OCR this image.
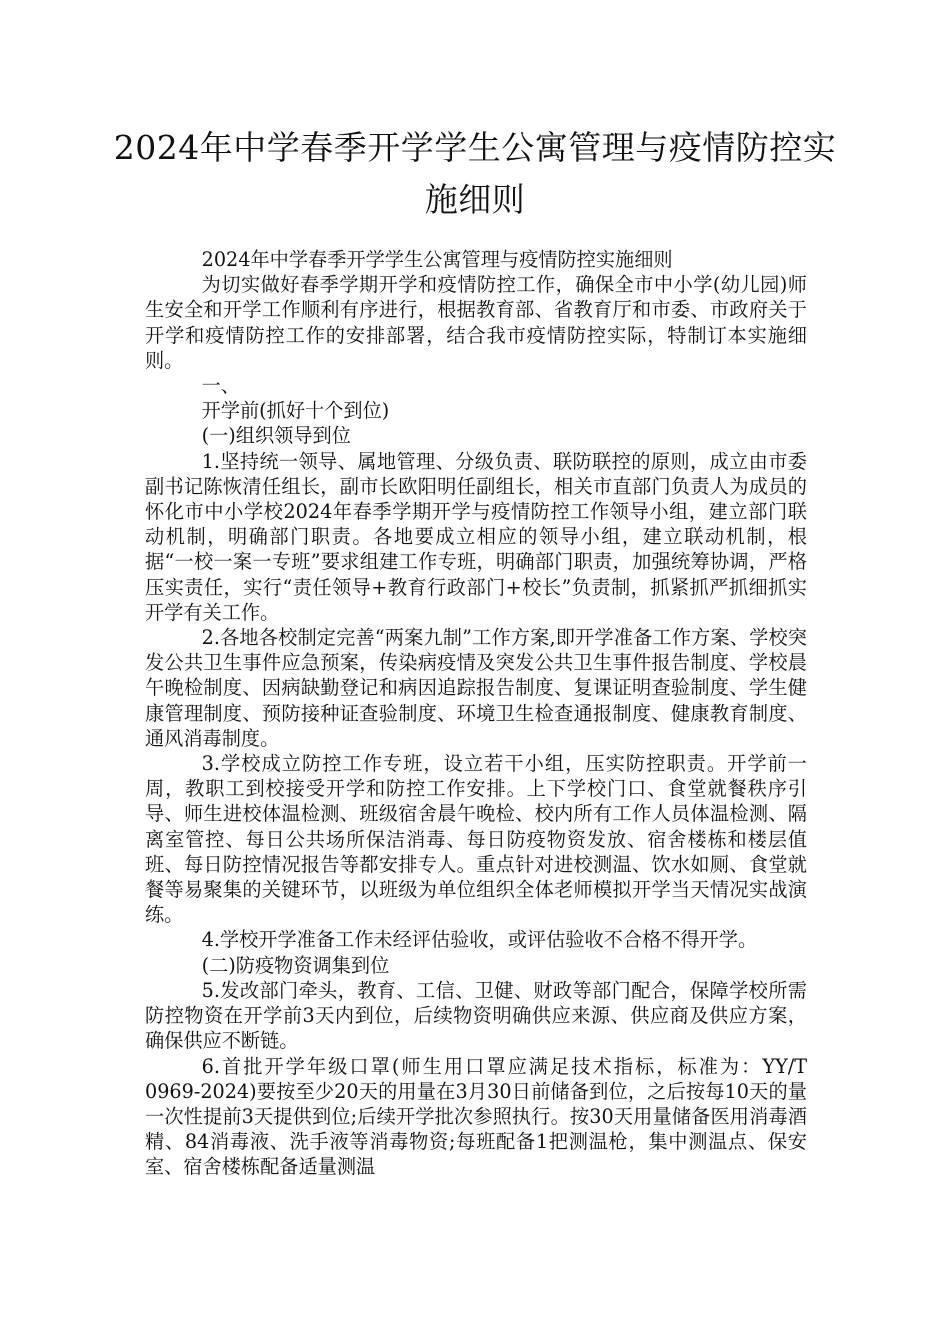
2024年中学春季开学学生公寓管理与疫情防控实施细则

2024年中学春季开学学生公寓管理与疫情防控实施细则

为切实做好春季学期开学和疫情防控工作，确保全市中小学(幼儿园)师生安全和开学工作顺利有序进行，根据教育部、省教育厅和市委、市政府关于开学和疫情防控工作的安排部署，结合我市疫情防控实际，特制订本实施细则。

一、

开学前(抓好十个到位)

(一)组织领导到位

1.坚持统一领导、属地管理、分级负责、联防联控的原则，成立由市委副书记陈恢清任组长，副市长欧阳明任副组长，相关市直部门负责人为成员的怀化市中小学校2024年春季学期开学与疫情防控工作领导小组，建立部门联动机制，明确部门职责。各地要成立相应的领导小组，建立联动机制，根据“一校一案一专班”要求组建工作专班，明确部门职责，加强统筹协调，严格压实责任，实行“责任领导+教育行政部门+校长”负责制，抓紧抓严抓细抓实开学有关工作。

2.各地各校制定完善“两案九制”工作方案,即开学准备工作方案、学校突发公共卫生事件应急预案，传染病疫情及突发公共卫生事件报告制度、学校晨午晚检制度、因病缺勤登记和病因追踪报告制度、复课证明查验制度、学生健康管理制度、预防接种证查验制度、环境卫生检查通报制度、健康教育制度、通风消毒制度。

3.学校成立防控工作专班，设立若干小组，压实防控职责。开学前一周，教职工到校接受开学和防控工作安排。上下学校门口、食堂就餐秩序引导、师生进校体温检测、班级宿舍晨午晚检、校内所有工作人员体温检测、隔离室管控、每日公共场所保洁消毒、每日防疫物资发放、宿舍楼栋和楼层值班、每日防控情况报告等都安排专人。重点针对进校测温、饮水如厕、食堂就餐等易聚集的关键环节，以班级为单位组织全体老师模拟开学当天情况实战演练。

4.学校开学准备工作未经评估验收，或评估验收不合格不得开学。

(二)防疫物资调集到位

5.发改部门牵头，教育、工信、卫健、财政等部门配合，保障学校所需防控物资在开学前3天内到位，后续物资明确供应来源、供应商及供应方案，确保供应不断链。

6.首批开学年级口罩(师生用口罩应满足技术指标，标准为：YY/T 0969-2024)要按至少20天的用量在3月30日前储备到位，之后按每10天的量一次性提前3天提供到位;后续开学批次参照执行。按30天用量储备医用消毒酒精、84消毒液、洗手液等消毒物资;每班配备1把测温枪，集中测温点、保安室、宿舍楼栋配备适量测温
